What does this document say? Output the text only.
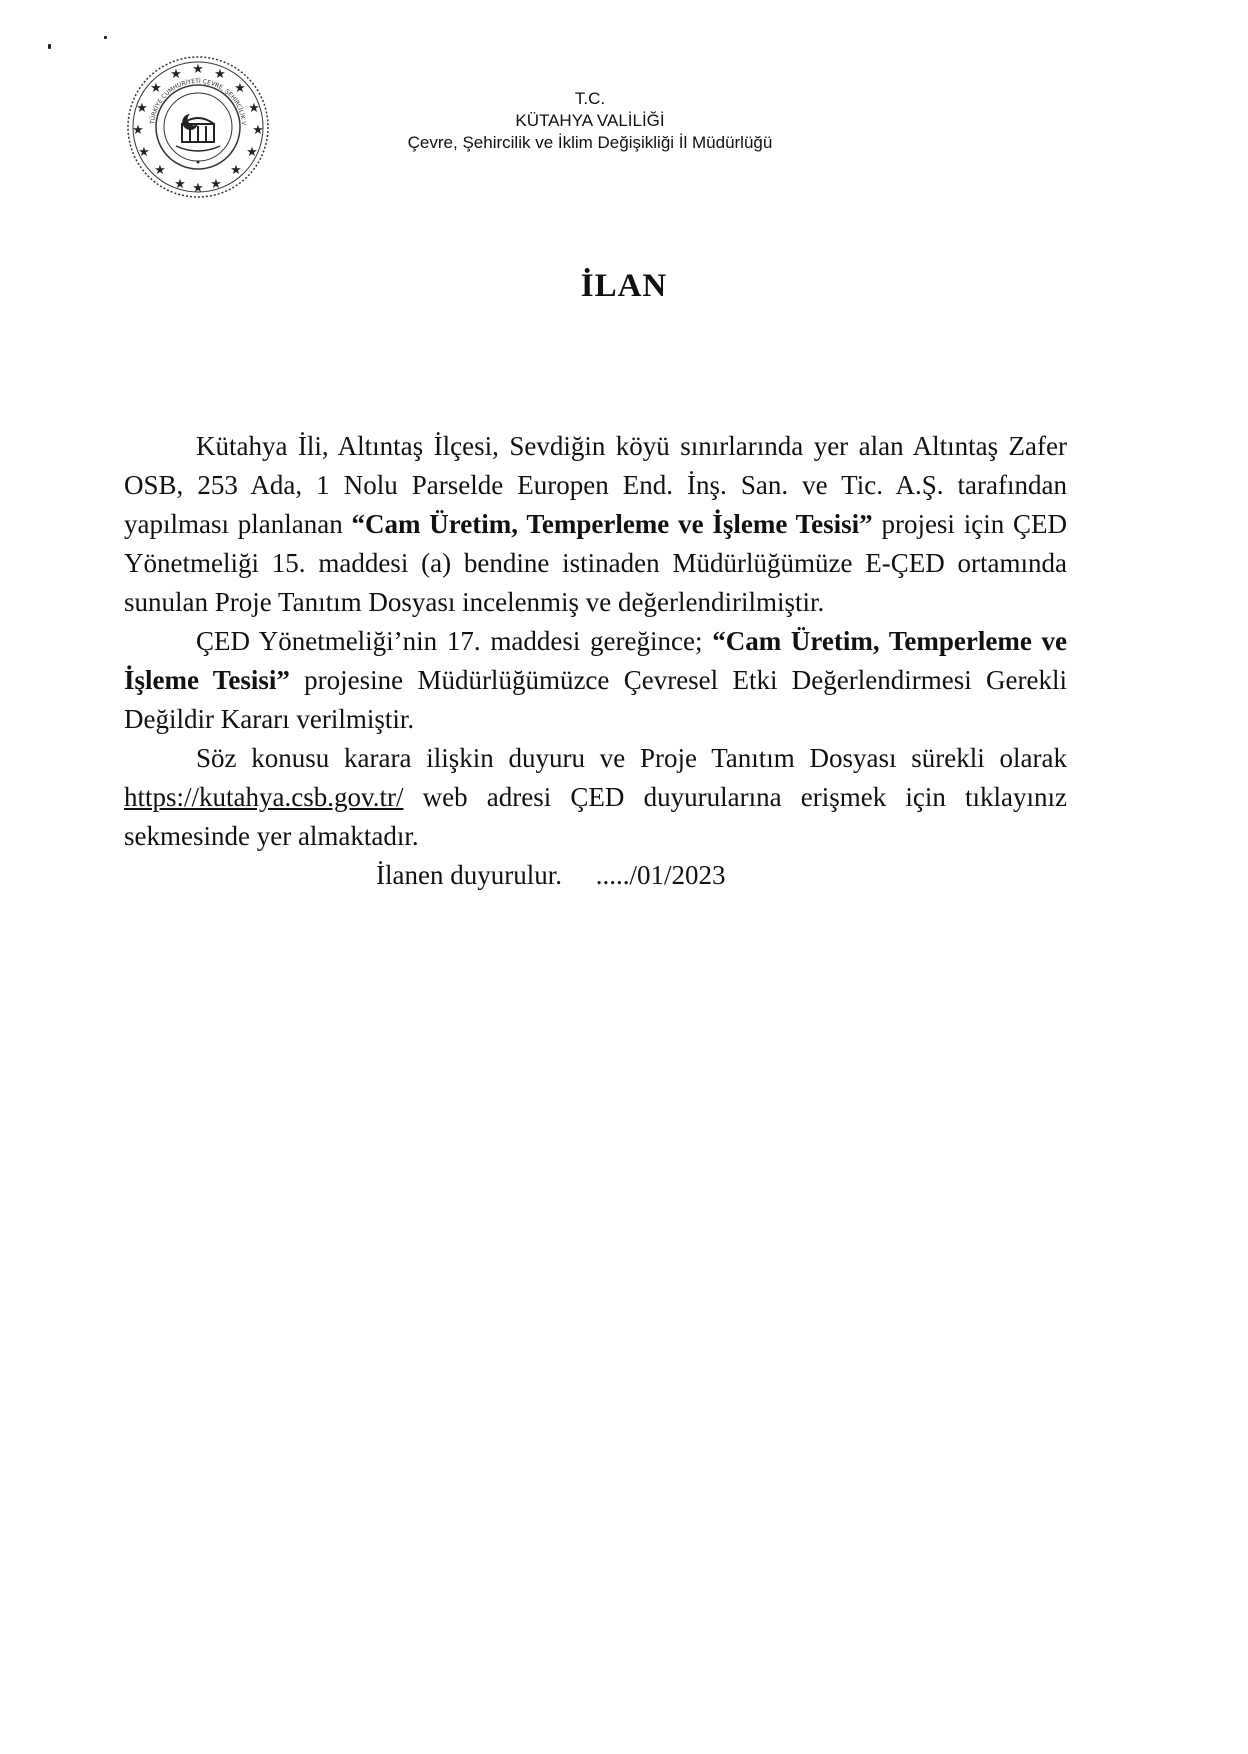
★
★ ★
★	★
★	★
★	★
★	★
★	★
★ ★
★
TÜRKİYE CUMHURİYETİ ÇEVRE, ŞEHİRCİLİK V
T.C.
KÜTAHYA VALİLİĞİ
Çevre, Şehircilik ve İklim Değişikliği İl Müdürlüğü
İLAN

Kütahya İli, Altıntaş İlçesi, Sevdiğin köyü sınırlarında yer alan Altıntaş Zafer OSB, 253 Ada, 1 Nolu Parselde Europen End. İnş. San. ve Tic. A.Ş. tarafından yapılması planlanan “Cam Üretim, Temperleme ve İşleme Tesisi” projesi için ÇED Yönetmeliği 15. maddesi (a) bendine istinaden Müdürlüğümüze E-ÇED ortamında sunulan Proje Tanıtım Dosyası incelenmiş ve değerlendirilmiştir.

ÇED Yönetmeliği’nin 17. maddesi gereğince; “Cam Üretim, Temperleme ve İşleme Tesisi” projesine Müdürlüğümüzce Çevresel Etki Değerlendirmesi Gerekli Değildir Kararı verilmiştir.

Söz konusu karara ilişkin duyuru ve Proje Tanıtım Dosyası sürekli olarak https://kutahya.csb.gov.tr/ web adresi ÇED duyurularına erişmek için tıklayınız sekmesinde yer almaktadır.

İlanen duyurulur. ...../01/2023
